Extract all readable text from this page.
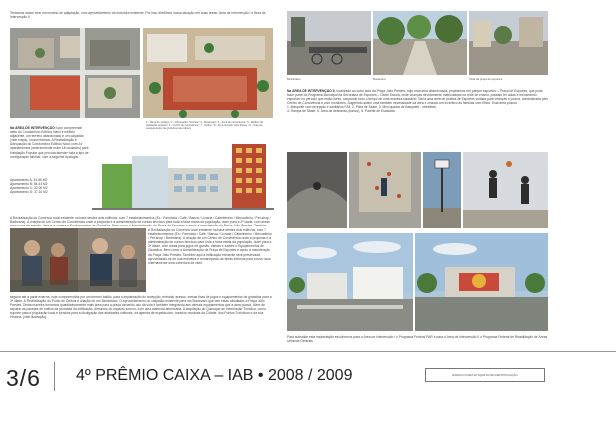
Tentamos assim criar um modelo de adaptação, com aproveitamento da estrutura existente. Por isso dividimos nossa atuação em duas áreas: Área de Intervenção I e Área de Intervenção II.
Na ÁREA DE INTERVENÇÃO I que compreende além do Condomínio Edifício Narci e edifício adjacente, um terreno abandonado e um calçadão (vide mapa), concentramos: A Revitalização e Adequação do Condomínio Edifício Narci com 24 apartamentos (anteriormente eram 18 unidades) para Habitação Popular que procura atender toda a tipo de configuração familiar, com a seguinte tipologia:
Apartamento A: 51.86 M2
Apartamento B: 54.44 M2
Apartamento C: 32.00 M2
Apartamento D: 37.10 M2
1 - Pisos de vidraça / 2 - Informação Turística / 3 - Boulevard / 4 - Área de convivência / 5 - Edifício de habitação popular / 6 - Centro de convivência / 7 - Jardim / 8 - Área de lazer para idosos / 9 - Área de equipamentos de ginástica para idosos
A Revitalização do Comércio local existente na base destes dois edifícios, com 7 estabelecimentos (Ex.: Farmácia / Café / Banca / Livraria / Cabeleireiro / Mercadinho / Pet-shop / Barbearia). A criação de um Centro de Convivência onde a proposta é a administração de cursos técnicos para toda a faixa etária da população, lazer para a 3ª idade, com áreas
A Revitalização do Comércio local existente na base destes dois edifícios, com 7 estabelecimentos (Ex.: Farmácia / Café / Banca / Livraria / Cabeleireiro / Mercadinho / Pet-shop / Barbearia). A criação de um Centro de Convivência onde a proposta é a administração de cursos técnicos para toda a faixa etária da população, lazer para a 3ª idade, com áreas para jogos de gamão, damas e xadrez e Equipamentos de Ginástica. Bem como a Administração da Praça de Esportes e apoio à manutenção da Praça Júlio Prestes. Também aqui a edificação existente será preservada, aproveitando-se de sua estrutura e remanejando as áreas internas para novos usos. Internamente uma cobertura de vidro
seguirá até a parte externa, hoje compreendida por um terreno baldio, para a implantação do recepção, entrada/ acesso, mesas fixas de jogos e equipamentos de ginástica para a 3ª idade. A Revitalização do Ponto de Ônibus e criação de um Bicicletário. O Aproveitamento do calçadão existente para um Boulevard que tem estas atividades à Praça Júlio Prestes. Desta maneira tornamos quantitativamente mais área para a praça tornando uso da vida e também integrando aos demais equipamentos que a área possui. Além de separar as paradas de ônibus da prumada da edificação, dimuindo do impacto sonoro, com uma alameda arborizada. A ampliação do Quiosque de Informação Turística, como suporte para a população local e turística para a divulgação das atividades culturais, da agenda de espetáculos, horários musicais da Cidade, dos Pontos Turísticos e da sua História. (vide ilustração).
Bicicletário	Boulevard	Vista da praça de esportes
Na ÁREA DE INTERVENÇÃO II, localizado ao outro lado da Praça Júlio Prestes, hoje uma área abandonada, projetamos um parque esportivo – Praça de Esportes, que pode fazer parte do Programa Municipal da Secretaria de Esportes – Clube Escola, onde crianças devidamente matriculadas na rede de ensino, possam ter aulas e treinamento esportivo no período que estão livres, ocupando todo o tempo de uma maneira saudável. Seria uma área de prática de Esportes voltada para crianças e jovens, administrada pelo Centro de Convivência e com monitores. Sugerindo assim uma também necessidade da área e criando um incentivo às famílias com filhos. Esta área possui:
1. Marquise com recepção e sanitários F/M, 2. Pista de Skate, 3. Mini-quadra de Basquete - streetball,
4. Rampa de Skate, 5. Área de descanso (banco), 6. Parede de Escalada.
Para subsidiar esta implantação escolhemos para a Área de Intervenção I o Programa Federal PAR e para a Área de Intervenção II o Programa Federal de Reabilitação de Áreas Urbanas Centrais.
3/6 4º PRÊMIO CAIXA – IAB • 2008 / 2009	ESPAÇO PARA ETIQUETA DE IDENTIFICAÇÃO
